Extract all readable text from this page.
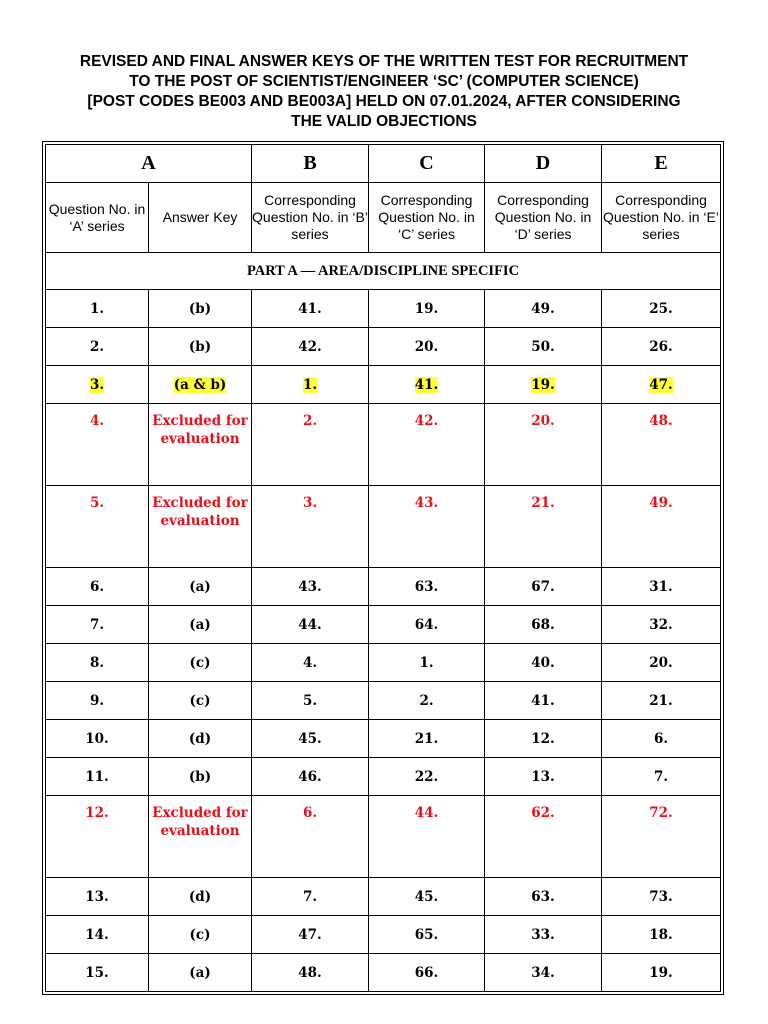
REVISED AND FINAL ANSWER KEYS OF THE WRITTEN TEST FOR RECRUITMENT
TO THE POST OF SCIENTIST/ENGINEER ‘SC’ (COMPUTER SCIENCE)
[POST CODES BE003 AND BE003A] HELD ON 07.01.2024, AFTER CONSIDERING
THE VALID OBJECTIONS
A		B	C	D	E
Question No. in ‘A’ series	Answer Key	Corresponding Question No. in ‘B’ series	Corresponding Question No. in ‘C’ series	Corresponding Question No. in ‘D’ series	Corresponding Question No. in ‘E’ series
PART A — AREA/DISCIPLINE SPECIFIC					
1.	(b)	41.	19.	49.	25.
2.	(b)	42.	20.	50.	26.
3.	(a & b)	1.	41.	19.	47.
4.	Excluded for evaluation	2.	42.	20.	48.
5.	Excluded for evaluation	3.	43.	21.	49.
6.	(a)	43.	63.	67.	31.
7.	(a)	44.	64.	68.	32.
8.	(c)	4.	1.	40.	20.
9.	(c)	5.	2.	41.	21.
10.	(d)	45.	21.	12.	6.
11.	(b)	46.	22.	13.	7.
12.	Excluded for evaluation	6.	44.	62.	72.
13.	(d)	7.	45.	63.	73.
14.	(c)	47.	65.	33.	18.
15.	(a)	48.	66.	34.	19.
